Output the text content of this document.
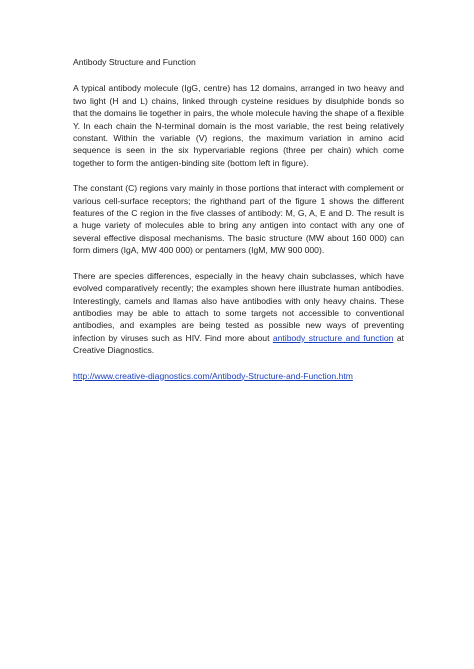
Antibody Structure and Function

A typical antibody molecule (IgG, centre) has 12 domains, arranged in two heavy and two light (H and L) chains, linked through cysteine residues by disulphide bonds so that the domains lie together in pairs, the whole molecule having the shape of a flexible Y. In each chain the N-terminal domain is the most variable, the rest being relatively constant. Within the variable (V) regions, the maximum variation in amino acid sequence is seen in the six hypervariable regions (three per chain) which come together to form the antigen-binding site (bottom left in figure).

The constant (C) regions vary mainly in those portions that interact with complement or various cell-surface receptors; the righthand part of the figure 1 shows the different features of the C region in the five classes of antibody: M, G, A, E and D. The result is a huge variety of molecules able to bring any antigen into contact with any one of several effective disposal mechanisms. The basic structure (MW about 160 000) can form dimers (IgA, MW 400 000) or pentamers (IgM, MW 900 000).

There are species differences, especially in the heavy chain subclasses, which have evolved comparatively recently; the examples shown here illustrate human antibodies. Interestingly, camels and llamas also have antibodies with only heavy chains. These antibodies may be able to attach to some targets not accessible to conventional antibodies, and examples are being tested as possible new ways of preventing infection by viruses such as HIV. Find more about antibody structure and function at Creative Diagnostics.

http://www.creative-diagnostics.com/Antibody-Structure-and-Function.htm
